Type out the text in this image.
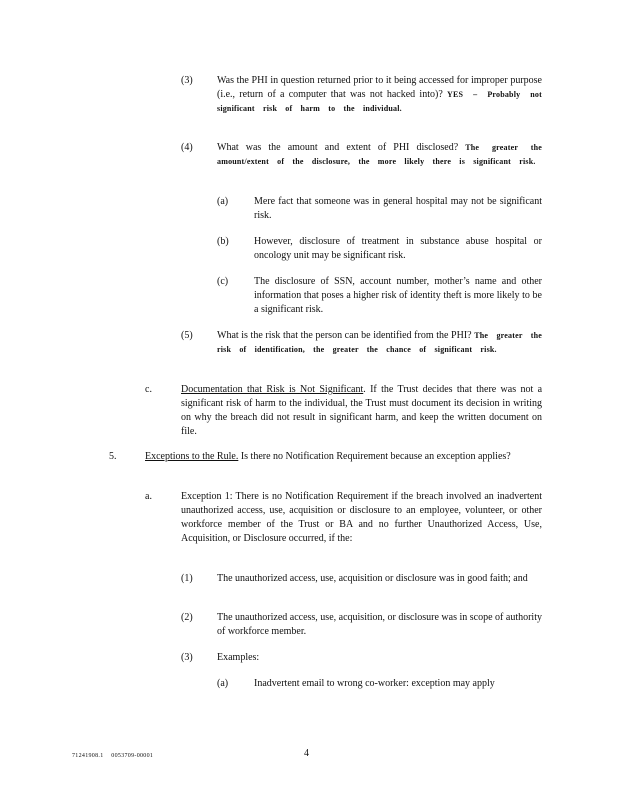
(3) Was the PHI in question returned prior to it being accessed for improper purpose (i.e., return of a computer that was not hacked into)? YES – Probably not significant risk of harm to the individual.
(4) What was the amount and extent of PHI disclosed? The greater the amount/extent of the disclosure, the more likely there is significant risk.
(a)	Mere fact that someone was in general hospital may not be significant risk.
(b)	However, disclosure of treatment in substance abuse hospital or oncology unit may be significant risk.
(c)	The disclosure of SSN, account number, mother’s name and other information that poses a higher risk of identity theft is more likely to be a significant risk.
(5) What is the risk that the person can be identified from the PHI? The greater the risk of identification, the greater the chance of significant risk.
c.	Documentation that Risk is Not Significant. If the Trust decides that there was not a significant risk of harm to the individual, the Trust must document its decision in writing on why the breach did not result in significant harm, and keep the written document on file.
5.	Exceptions to the Rule. Is there no Notification Requirement because an exception applies?
a.	Exception 1: There is no Notification Requirement if the breach involved an inadvertent unauthorized access, use, acquisition or disclosure to an employee, volunteer, or other workforce member of the Trust or BA and no further Unauthorized Access, Use, Acquisition, or Disclosure occurred, if the:
(1) The unauthorized access, use, acquisition or disclosure was in good faith; and
(2) The unauthorized access, use, acquisition, or disclosure was in scope of authority of workforce member.
(3) Examples:
(a)	Inadvertent email to wrong co-worker: exception may apply
71241908.1 0053709-00001	4
